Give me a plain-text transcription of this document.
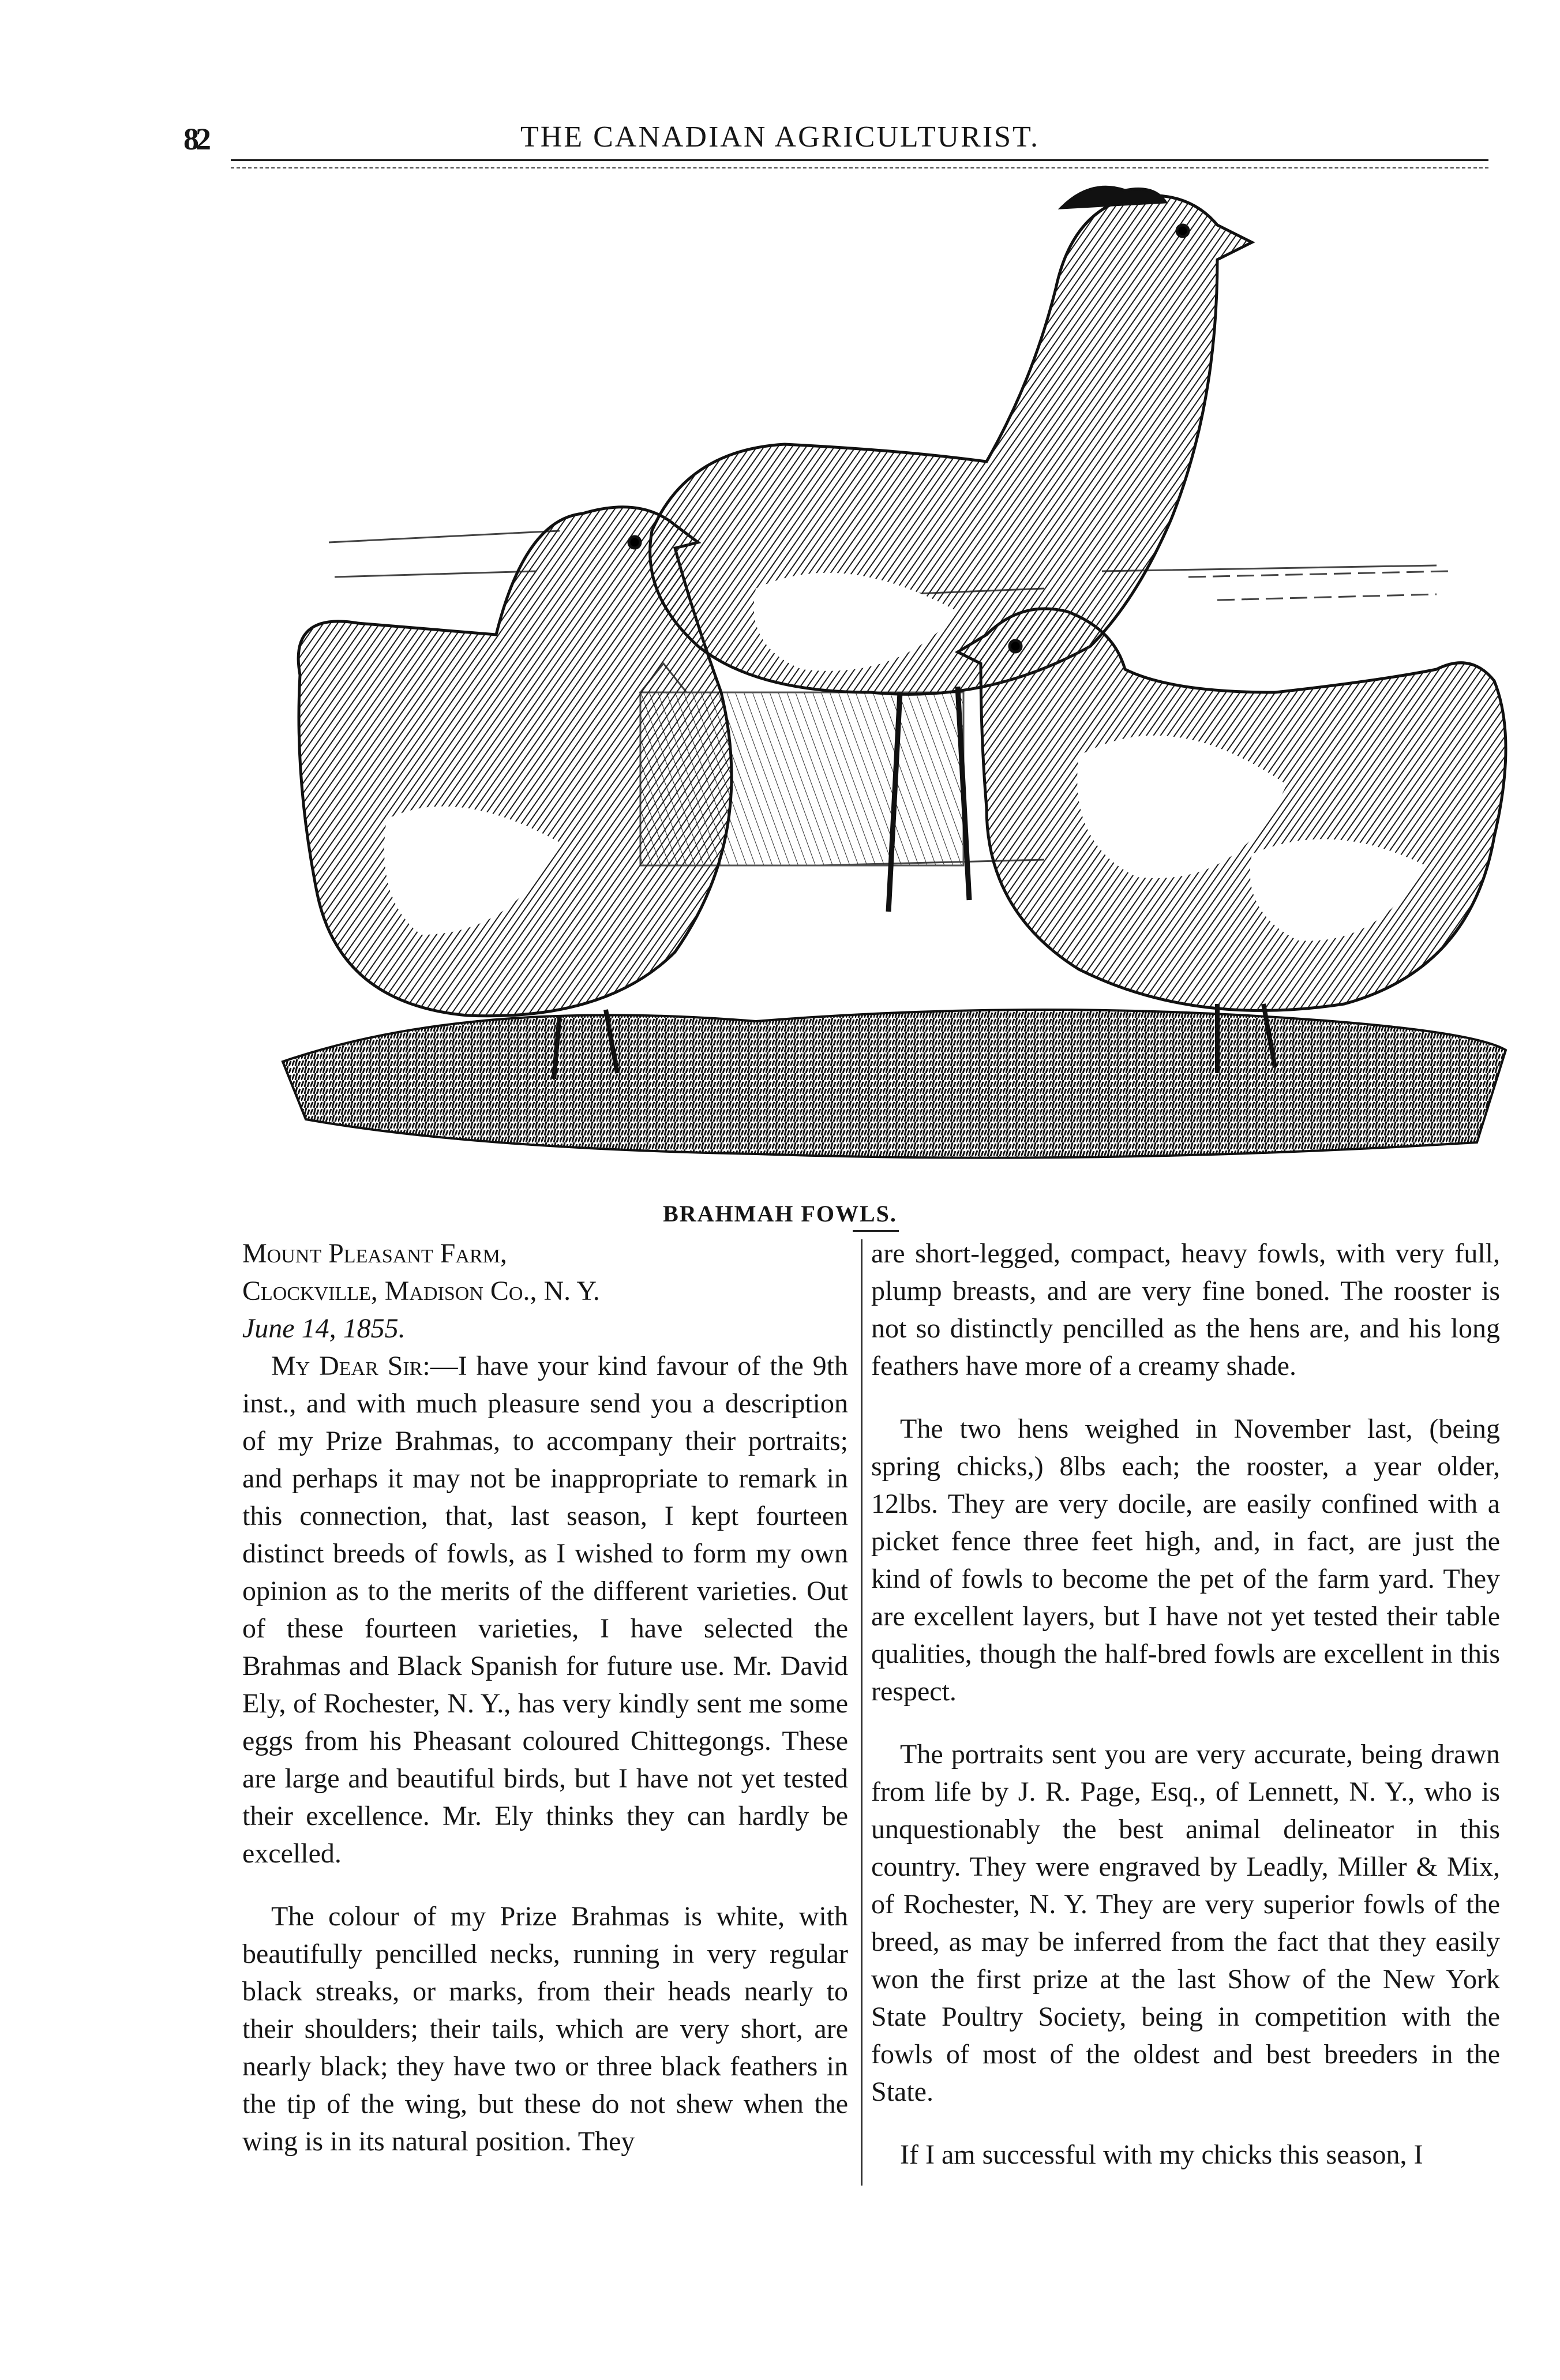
82	THE CANADIAN AGRICULTURIST.
BRAHMAH FOWLS.

Mount Pleasant Farm,

Clockville, Madison Co., N. Y.

June 14, 1855.

My Dear Sir:—I have your kind favour of the 9th inst., and with much pleasure send you a description of my Prize Brahmas, to accompany their portraits; and perhaps it may not be inappropriate to remark in this connection, that, last season, I kept fourteen distinct breeds of fowls, as I wished to form my own opinion as to the merits of the different varieties. Out of these fourteen varieties, I have selected the Brahmas and Black Spanish for future use. Mr. David Ely, of Rochester, N. Y., has very kindly sent me some eggs from his Pheasant coloured Chittegongs. These are large and beautiful birds, but I have not yet tested their excellence. Mr. Ely thinks they can hardly be excelled.

The colour of my Prize Brahmas is white, with beautifully pencilled necks, running in very regular black streaks, or marks, from their heads nearly to their shoulders; their tails, which are very short, are nearly black; they have two or three black feathers in the tip of the wing, but these do not shew when the wing is in its natural position. They

are short-legged, compact, heavy fowls, with very full, plump breasts, and are very fine boned. The rooster is not so distinctly pencilled as the hens are, and his long feathers have more of a creamy shade.

The two hens weighed in November last, (being spring chicks,) 8lbs each; the rooster, a year older, 12lbs. They are very docile, are easily confined with a picket fence three feet high, and, in fact, are just the kind of fowls to become the pet of the farm yard. They are excellent layers, but I have not yet tested their table qualities, though the half-bred fowls are excellent in this respect.

The portraits sent you are very accurate, being drawn from life by J. R. Page, Esq., of Lennett, N. Y., who is unquestionably the best animal delineator in this country. They were engraved by Leadly, Miller & Mix, of Rochester, N. Y. They are very superior fowls of the breed, as may be inferred from the fact that they easily won the first prize at the last Show of the New York State Poultry Society, being in competition with the fowls of most of the oldest and best breeders in the State.

If I am successful with my chicks this season, I
